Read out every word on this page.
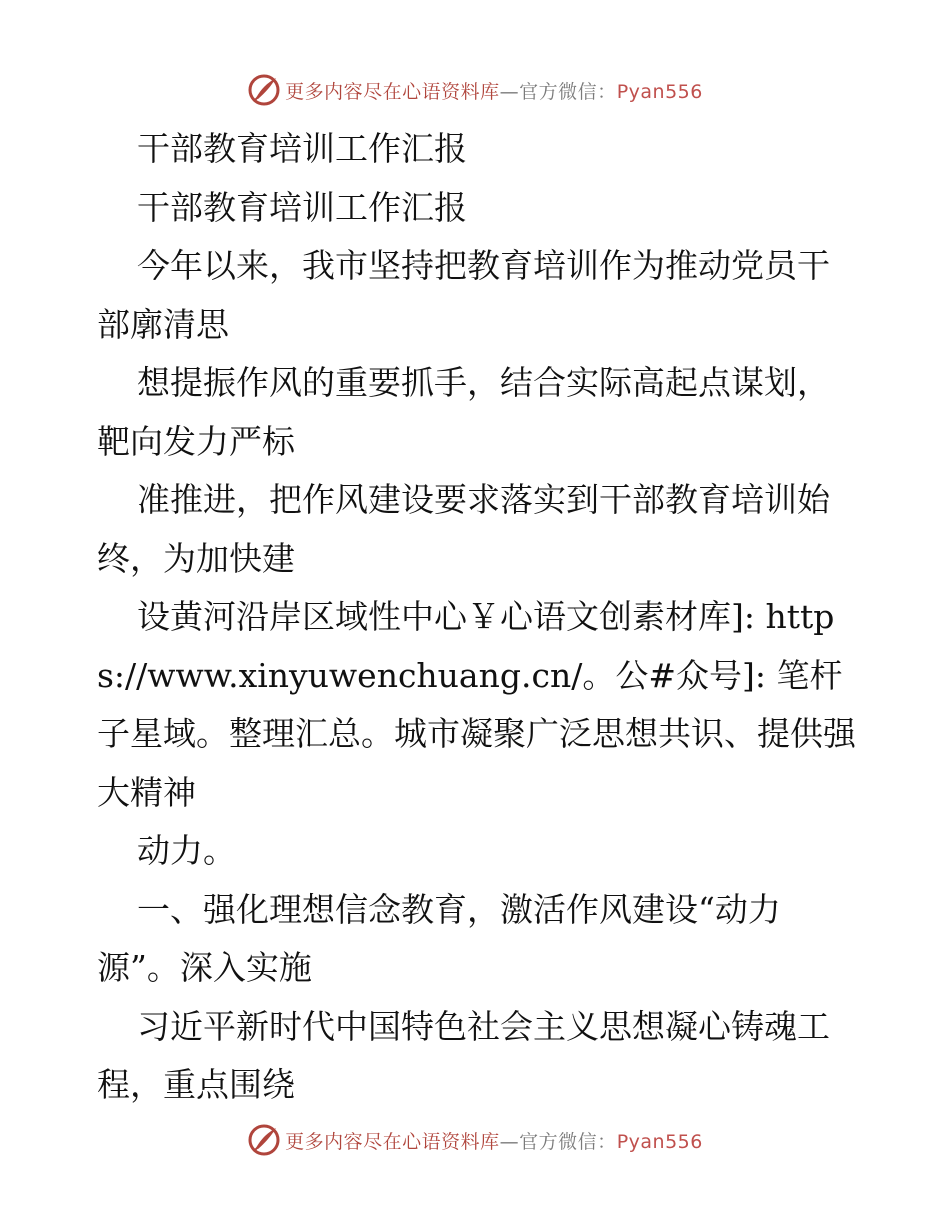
更多内容尽在心语资料库—官方微信：Pyan556

干部教育培训工作汇报

干部教育培训工作汇报

今年以来，我市坚持把教育培训作为推动党员干部廓清思

想提振作风的重要抓手，结合实际高起点谋划，靶向发力严标

准推进，把作风建设要求落实到干部教育培训始终，为加快建

设黄河沿岸区域性中心￥心语文创素材库]: https://www.xinyuwenchuang.cn/。公#众号]: 笔杆子星域。整理汇总。城市凝聚广泛思想共识、提供强大精神

动力。

一、强化理想信念教育，激活作风建设“动力源”。深入实施

习近平新时代中国特色社会主义思想凝心铸魂工程，重点围绕

更多内容尽在心语资料库—官方微信：Pyan556
